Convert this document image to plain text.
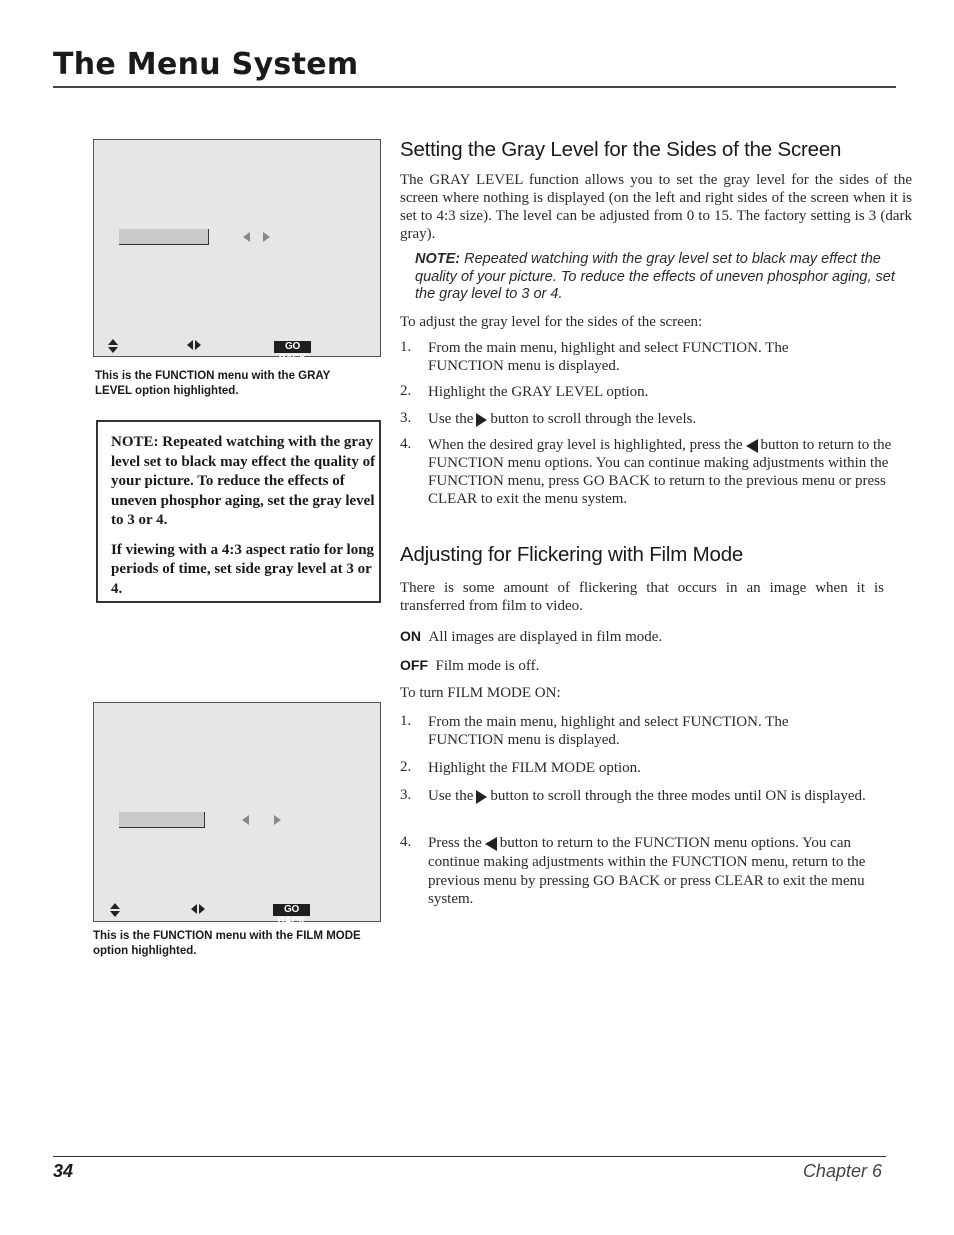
The Menu System
GO BACK
This is the FUNCTION menu with the GRAY LEVEL option highlighted.

NOTE: Repeated watching with the gray level set to black may effect the quality of your picture. To reduce the effects of uneven phosphor aging, set the gray level to 3 or 4.

If viewing with a 4:3 aspect ratio for long periods of time, set side gray level at 3 or 4.

GO BACK
This is the FUNCTION menu with the FILM MODE option highlighted.
Setting the Gray Level for the Sides of the Screen
The GRAY LEVEL function allows you to set the gray level for the sides of the screen where nothing is displayed (on the left and right sides of the screen when it is set to 4:3 size). The level can be adjusted from 0 to 15. The factory setting is 3 (dark gray).
NOTE: Repeated watching with the gray level set to black may effect the quality of your picture. To reduce the effects of uneven phosphor aging, set the gray level to 3 or 4.
To adjust the gray level for the sides of the screen:
1. From the main menu, highlight and select FUNCTION. The FUNCTION menu is displayed.
2. Highlight the GRAY LEVEL option.
3. Use the button to scroll through the levels.
4. When the desired gray level is highlighted, press the button to return to the FUNCTION menu options. You can continue making adjustments within the FUNCTION menu, press GO BACK to return to the previous menu or press CLEAR to exit the menu system.
Adjusting for Flickering with Film Mode
There is some amount of flickering that occurs in an image when it is transferred from film to video.
ON All images are displayed in film mode.
OFF Film mode is off.
To turn FILM MODE ON:
1. From the main menu, highlight and select FUNCTION. The FUNCTION menu is displayed.
2. Highlight the FILM MODE option.
3. Use the button to scroll through the three modes until ON is displayed.
4. Press the button to return to the FUNCTION menu options. You can continue making adjustments within the FUNCTION menu, return to the previous menu by pressing GO BACK or press CLEAR to exit the menu system.
34	Chapter 6
